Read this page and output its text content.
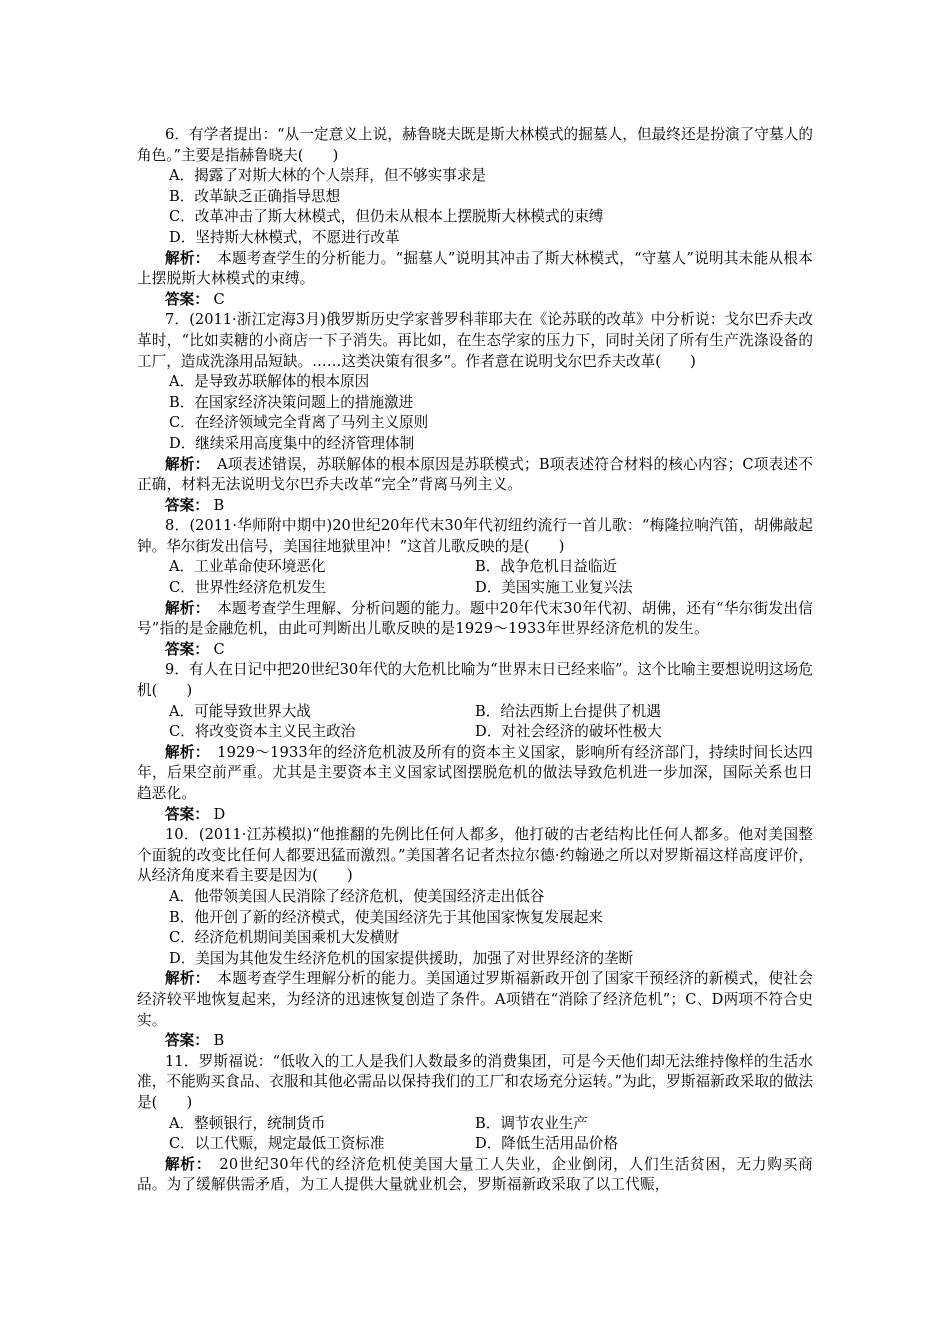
6．有学者提出：“从一定意义上说，赫鲁晓夫既是斯大林模式的掘墓人，但最终还是扮演了守墓人的角色。”主要是指赫鲁晓夫(　　)

A．揭露了对斯大林的个人崇拜，但不够实事求是

B．改革缺乏正确指导思想

C．改革冲击了斯大林模式，但仍未从根本上摆脱斯大林模式的束缚

D．坚持斯大林模式，不愿进行改革

解析：　 本题考查学生的分析能力。“掘墓人”说明其冲击了斯大林模式，“守墓人”说明其未能从根本上摆脱斯大林模式的束缚。

答案： C

7．(2011·浙江定海3月)俄罗斯历史学家普罗科菲耶夫在《论苏联的改革》中分析说：戈尔巴乔夫改革时，“比如卖糖的小商店一下子消失。再比如，在生态学家的压力下，同时关闭了所有生产洗涤设备的工厂，造成洗涤用品短缺。……这类决策有很多”。作者意在说明戈尔巴乔夫改革(　　)

A．是导致苏联解体的根本原因

B．在国家经济决策问题上的措施激进

C．在经济领域完全背离了马列主义原则

D．继续采用高度集中的经济管理体制

解析：　 A项表述错误，苏联解体的根本原因是苏联模式；B项表述符合材料的核心内容；C项表述不正确，材料无法说明戈尔巴乔夫改革“完全”背离马列主义。

答案： B

8．(2011·华师附中期中)20世纪20年代末30年代初纽约流行一首儿歌：“梅隆拉响汽笛，胡佛敲起钟。华尔街发出信号，美国往地狱里冲！”这首儿歌反映的是(　　)

A．工业革命使环境恶化	B．战争危机日益临近
C．世界性经济危机发生	D．美国实施工业复兴法

解析：　 本题考查学生理解、分析问题的能力。题中20年代末30年代初、胡佛，还有“华尔街发出信号”指的是金融危机，由此可判断出儿歌反映的是1929～1933年世界经济危机的发生。

答案： C

9．有人在日记中把20世纪30年代的大危机比喻为“世界末日已经来临”。这个比喻主要想说明这场危机(　　)

A．可能导致世界大战	B．给法西斯上台提供了机遇
C．将改变资本主义民主政治	D．对社会经济的破坏性极大

解析：　 1929～1933年的经济危机波及所有的资本主义国家，影响所有经济部门，持续时间长达四年，后果空前严重。尤其是主要资本主义国家试图摆脱危机的做法导致危机进一步加深，国际关系也日趋恶化。

答案： D

10．(2011·江苏模拟)“他推翻的先例比任何人都多，他打破的古老结构比任何人都多。他对美国整个面貌的改变比任何人都要迅猛而激烈。”美国著名记者杰拉尔德·约翰逊之所以对罗斯福这样高度评价，从经济角度来看主要是因为(　　)

A．他带领美国人民消除了经济危机，使美国经济走出低谷

B．他开创了新的经济模式，使美国经济先于其他国家恢复发展起来

C．经济危机期间美国乘机大发横财

D．美国为其他发生经济危机的国家提供援助，加强了对世界经济的垄断

解析：　 本题考查学生理解分析的能力。美国通过罗斯福新政开创了国家干预经济的新模式，使社会经济较平地恢复起来，为经济的迅速恢复创造了条件。A项错在“消除了经济危机”；C、D两项不符合史实。

答案： B

11．罗斯福说：“低收入的工人是我们人数最多的消费集团，可是今天他们却无法维持像样的生活水准，不能购买食品、衣服和其他必需品以保持我们的工厂和农场充分运转。”为此，罗斯福新政采取的做法是(　　)

A．整顿银行，统制货币	B．调节农业生产
C．以工代赈，规定最低工资标准	D．降低生活用品价格

解析：　 20世纪30年代的经济危机使美国大量工人失业，企业倒闭，人们生活贫困，无力购买商品。为了缓解供需矛盾，为工人提供大量就业机会，罗斯福新政采取了以工代赈，
